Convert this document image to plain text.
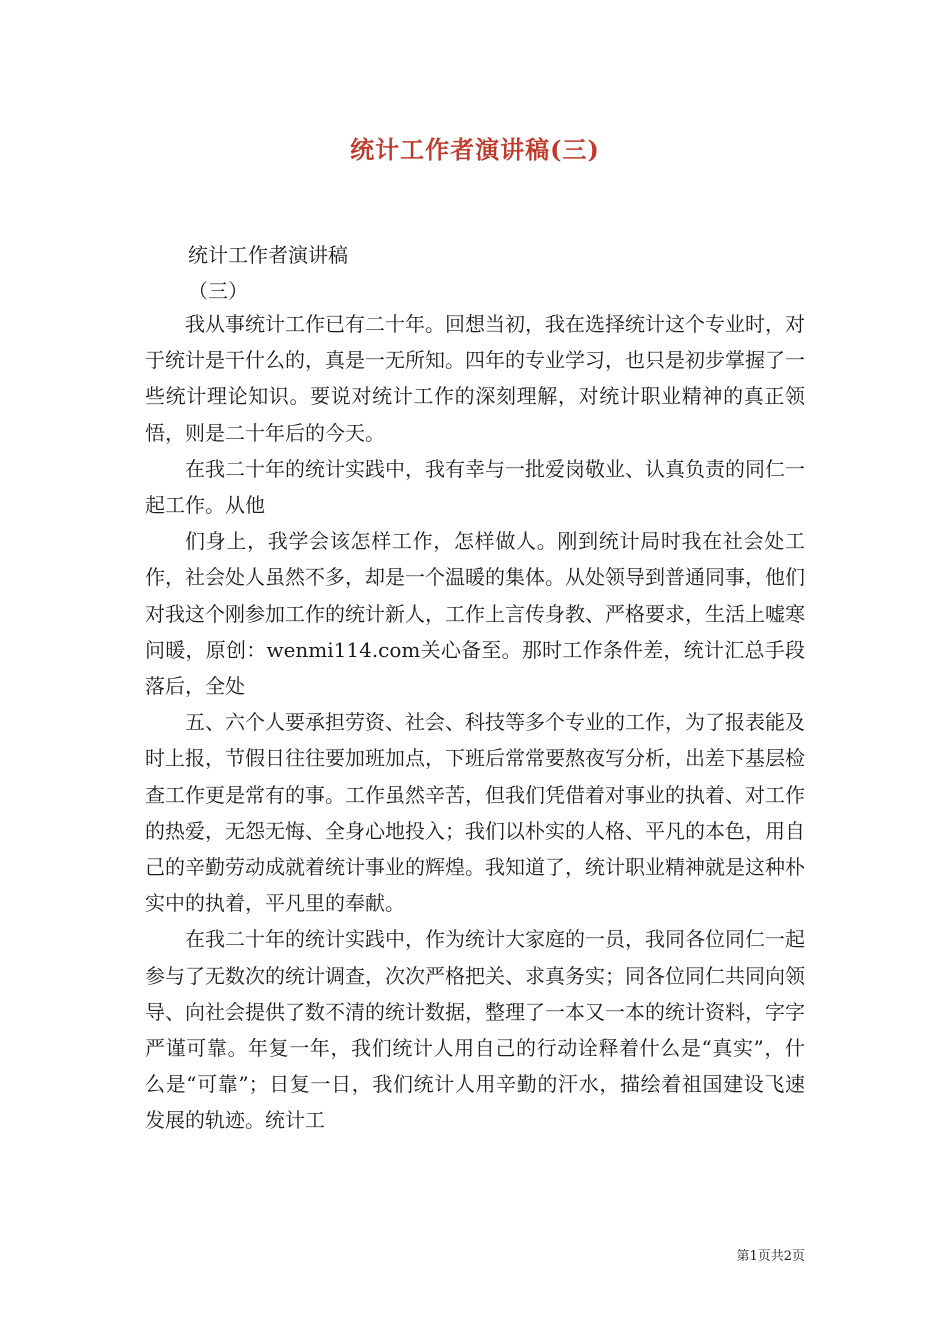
统计工作者演讲稿(三)
统计工作者演讲稿
（三）

我从事统计工作已有二十年。回想当初，我在选择统计这个专业时，对于统计是干什么的，真是一无所知。四年的专业学习，也只是初步掌握了一些统计理论知识。要说对统计工作的深刻理解，对统计职业精神的真正领悟，则是二十年后的今天。

在我二十年的统计实践中，我有幸与一批爱岗敬业、认真负责的同仁一起工作。从他

们身上，我学会该怎样工作，怎样做人。刚到统计局时我在社会处工作，社会处人虽然不多，却是一个温暖的集体。从处领导到普通同事，他们对我这个刚参加工作的统计新人，工作上言传身教、严格要求，生活上嘘寒问暖，原创：wenmi114.com关心备至。那时工作条件差，统计汇总手段落后，全处

五、六个人要承担劳资、社会、科技等多个专业的工作，为了报表能及时上报，节假日往往要加班加点，下班后常常要熬夜写分析，出差下基层检查工作更是常有的事。工作虽然辛苦，但我们凭借着对事业的执着、对工作的热爱，无怨无悔、全身心地投入；我们以朴实的人格、平凡的本色，用自己的辛勤劳动成就着统计事业的辉煌。我知道了，统计职业精神就是这种朴实中的执着，平凡里的奉献。

在我二十年的统计实践中，作为统计大家庭的一员，我同各位同仁一起参与了无数次的统计调查，次次严格把关、求真务实；同各位同仁共同向领导、向社会提供了数不清的统计数据，整理了一本又一本的统计资料，字字严谨可靠。年复一年，我们统计人用自己的行动诠释着什么是“真实”，什么是“可靠”；日复一日，我们统计人用辛勤的汗水，描绘着祖国建设飞速发展的轨迹。统计工

第1页共2页
